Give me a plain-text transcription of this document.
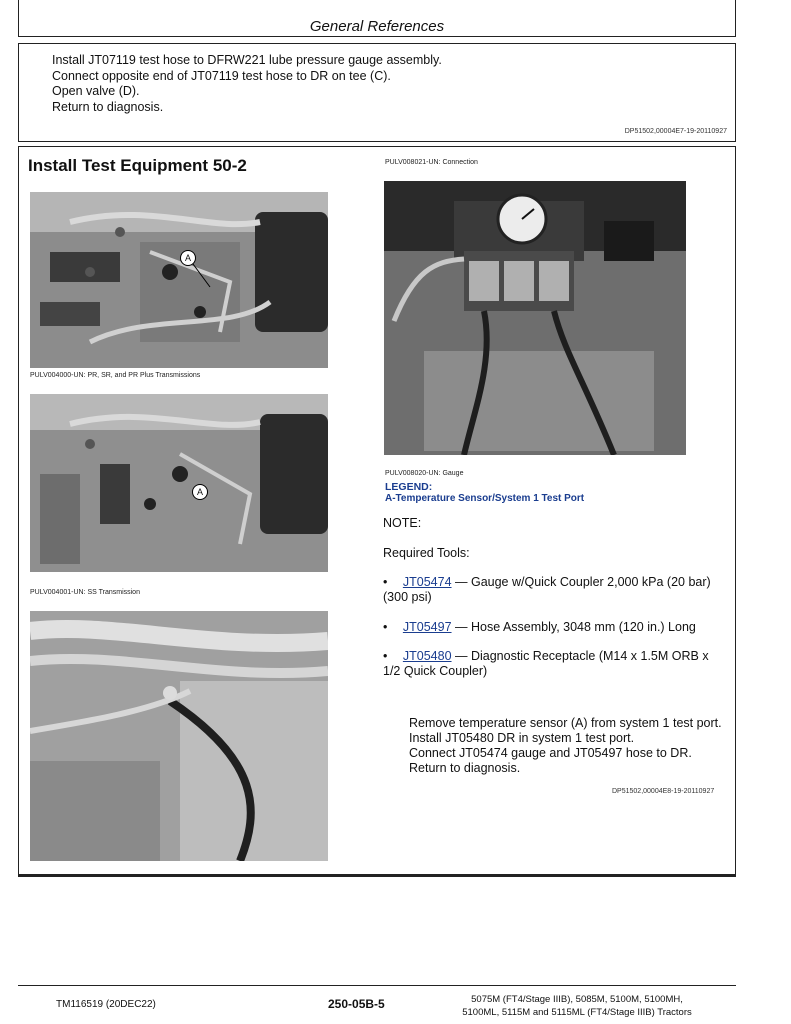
General References
Install JT07119 test hose to DFRW221 lube pressure gauge assembly.
Connect opposite end of JT07119 test hose to DR on tee (C).
Open valve (D).
Return to diagnosis.
DP51502,00004E7-19-20110927
Install Test Equipment 50-2
A
PULV004000-UN: PR, SR, and PR Plus Transmissions
A
PULV004001-UN: SS Transmission
PULV008021-UN: Connection
PULV008020-UN: Gauge
LEGEND:
A-Temperature Sensor/System 1 Test Port
NOTE:
Required Tools:
• JT05474 — Gauge w/Quick Coupler 2,000 kPa (20 bar) (300 psi)
• JT05497 — Hose Assembly, 3048 mm (120 in.) Long
• JT05480 — Diagnostic Receptacle (M14 x 1.5M ORB x 1/2 Quick Coupler)
Remove temperature sensor (A) from system 1 test port.
Install JT05480 DR in system 1 test port.
Connect JT05474 gauge and JT05497 hose to DR.
Return to diagnosis.
DP51502,00004E8-19-20110927
TM116519 (20DEC22)	250-05B-5	5075M (FT4/Stage IIIB), 5085M, 5100M, 5100MH,
5100ML, 5115M and 5115ML (FT4/Stage IIIB) Tractors
